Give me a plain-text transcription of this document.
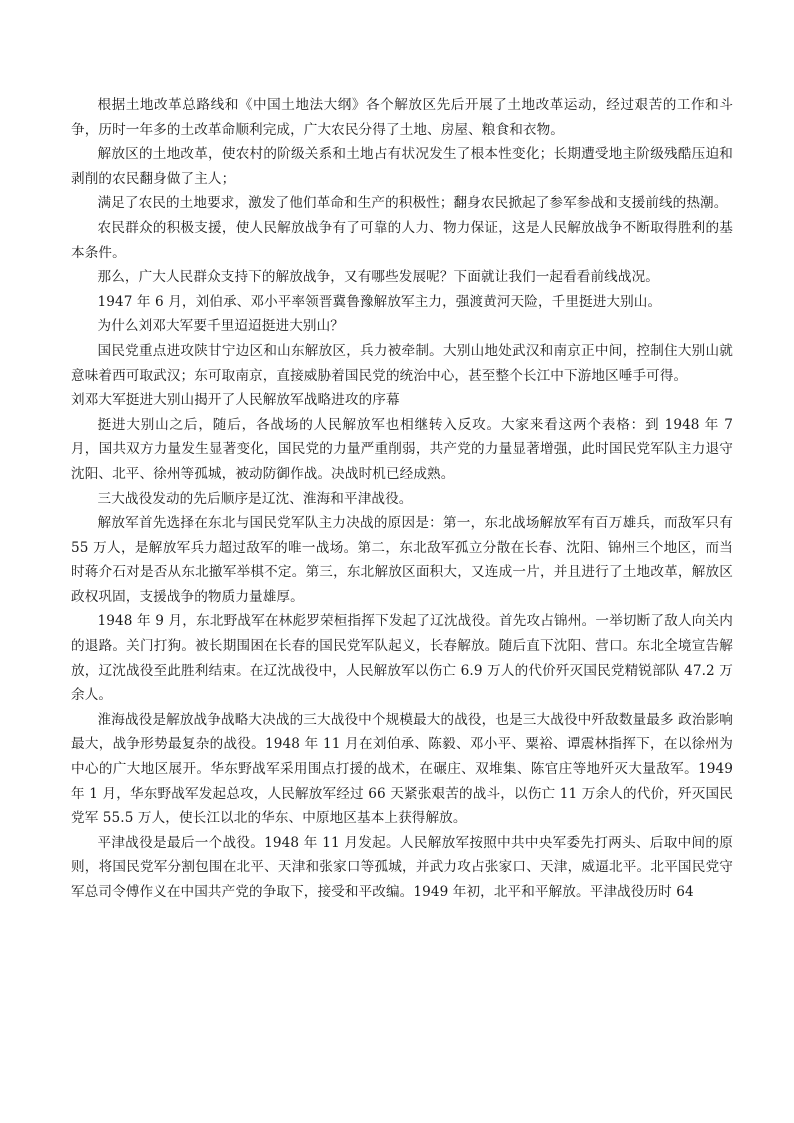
根据土地改革总路线和《中国土地法大纲》各个解放区先后开展了土地改革运动，经过艰苦的工作和斗争，历时一年多的土改革命顺利完成，广大农民分得了土地、房屋、粮食和衣物。

解放区的土地改革，使农村的阶级关系和土地占有状况发生了根本性变化；长期遭受地主阶级残酷压迫和剥削的农民翻身做了主人；

满足了农民的土地要求，激发了他们革命和生产的积极性；翻身农民掀起了参军参战和支援前线的热潮。

农民群众的积极支援，使人民解放战争有了可靠的人力、物力保证，这是人民解放战争不断取得胜利的基本条件。

那么，广大人民群众支持下的解放战争，又有哪些发展呢？下面就让我们一起看看前线战况。

1947 年 6 月，刘伯承、邓小平率领晋冀鲁豫解放军主力，强渡黄河天险，千里挺进大别山。

为什么刘邓大军要千里迢迢挺进大别山？

国民党重点进攻陕甘宁边区和山东解放区，兵力被牵制。大别山地处武汉和南京正中间，控制住大别山就意味着西可取武汉；东可取南京，直接威胁着国民党的统治中心，甚至整个长江中下游地区唾手可得。

刘邓大军挺进大别山揭开了人民解放军战略进攻的序幕

挺进大别山之后，随后，各战场的人民解放军也相继转入反攻。大家来看这两个表格：到 1948 年 7 月，国共双方力量发生显著变化，国民党的力量严重削弱，共产党的力量显著增强，此时国民党军队主力退守沈阳、北平、徐州等孤城，被动防御作战。决战时机已经成熟。

三大战役发动的先后顺序是辽沈、淮海和平津战役。

解放军首先选择在东北与国民党军队主力决战的原因是：第一，东北战场解放军有百万雄兵，而敌军只有 55 万人，是解放军兵力超过敌军的唯一战场。第二，东北敌军孤立分散在长春、沈阳、锦州三个地区，而当时蒋介石对是否从东北撤军举棋不定。第三，东北解放区面积大，又连成一片，并且进行了土地改革，解放区政权巩固，支援战争的物质力量雄厚。

1948 年 9 月，东北野战军在林彪罗荣桓指挥下发起了辽沈战役。首先攻占锦州。一举切断了敌人向关内的退路。关门打狗。被长期围困在长春的国民党军队起义，长春解放。随后直下沈阳、营口。东北全境宣告解放，辽沈战役至此胜利结束。在辽沈战役中，人民解放军以伤亡 6.9 万人的代价歼灭国民党精锐部队 47.2 万余人。

淮海战役是解放战争战略大决战的三大战役中个规模最大的战役，也是三大战役中歼敌数量最多 政治影响最大，战争形势最复杂的战役。1948 年 11 月在刘伯承、陈毅、邓小平、粟裕、谭震林指挥下，在以徐州为中心的广大地区展开。华东野战军采用围点打援的战术，在碾庄、双堆集、陈官庄等地歼灭大量敌军。1949 年 1 月，华东野战军发起总攻，人民解放军经过 66 天紧张艰苦的战斗，以伤亡 11 万余人的代价，歼灭国民党军 55.5 万人，使长江以北的华东、中原地区基本上获得解放。

平津战役是最后一个战役。1948 年 11 月发起。人民解放军按照中共中央军委先打两头、后取中间的原则，将国民党军分割包围在北平、天津和张家口等孤城，并武力攻占张家口、天津，威逼北平。北平国民党守军总司令傅作义在中国共产党的争取下，接受和平改编。1949 年初，北平和平解放。平津战役历时 64
